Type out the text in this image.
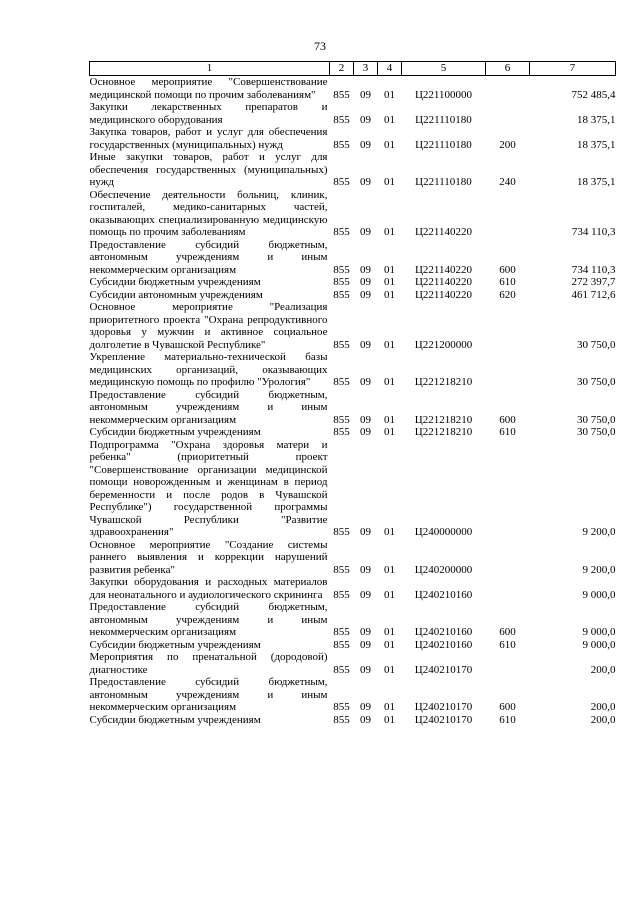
73
1	2	3	4	5	6	7
Основное мероприятие "Совершенствование медицинской помощи по прочим заболеваниям"	855	09	01	Ц221100000		752 485,4
Закупки лекарственных препаратов и медицинского оборудования	855	09	01	Ц221110180		18 375,1
Закупка товаров, работ и услуг для обеспечения государственных (муниципальных) нужд	855	09	01	Ц221110180	200	18 375,1
Иные закупки товаров, работ и услуг для обеспечения государственных (муниципальных) нужд	855	09	01	Ц221110180	240	18 375,1
Обеспечение деятельности больниц, клиник, госпиталей, медико-санитарных частей, оказывающих специализированную медицинскую помощь по прочим заболеваниям	855	09	01	Ц221140220		734 110,3
Предоставление субсидий бюджетным, автономным учреждениям и иным некоммерческим организациям	855	09	01	Ц221140220	600	734 110,3
Субсидии бюджетным учреждениям	855	09	01	Ц221140220	610	272 397,7
Субсидии автономным учреждениям	855	09	01	Ц221140220	620	461 712,6
Основное мероприятие "Реализация приоритетного проекта "Охрана репродуктивного здоровья у мужчин и активное социальное долголетие в Чувашской Республике"	855	09	01	Ц221200000		30 750,0
Укрепление материально-технической базы медицинских организаций, оказывающих медицинскую помощь по профилю "Урология"	855	09	01	Ц221218210		30 750,0
Предоставление субсидий бюджетным, автономным учреждениям и иным некоммерческим организациям	855	09	01	Ц221218210	600	30 750,0
Субсидии бюджетным учреждениям	855	09	01	Ц221218210	610	30 750,0
Подпрограмма "Охрана здоровья матери и ребенка" (приоритетный проект "Совершенствование организации медицинской помощи новорожденным и женщинам в период беременности и после родов в Чувашской Республике") государственной программы Чувашской Республики "Развитие здравоохранения"	855	09	01	Ц240000000		9 200,0
Основное мероприятие "Создание системы раннего выявления и коррекции нарушений развития ребенка"	855	09	01	Ц240200000		9 200,0
Закупки оборудования и расходных материалов для неонатального и аудиологического скрининга	855	09	01	Ц240210160		9 000,0
Предоставление субсидий бюджетным, автономным учреждениям и иным некоммерческим организациям	855	09	01	Ц240210160	600	9 000,0
Субсидии бюджетным учреждениям	855	09	01	Ц240210160	610	9 000,0
Мероприятия по пренатальной (дородовой) диагностике	855	09	01	Ц240210170		200,0
Предоставление субсидий бюджетным, автономным учреждениям и иным некоммерческим организациям	855	09	01	Ц240210170	600	200,0
Субсидии бюджетным учреждениям	855	09	01	Ц240210170	610	200,0
